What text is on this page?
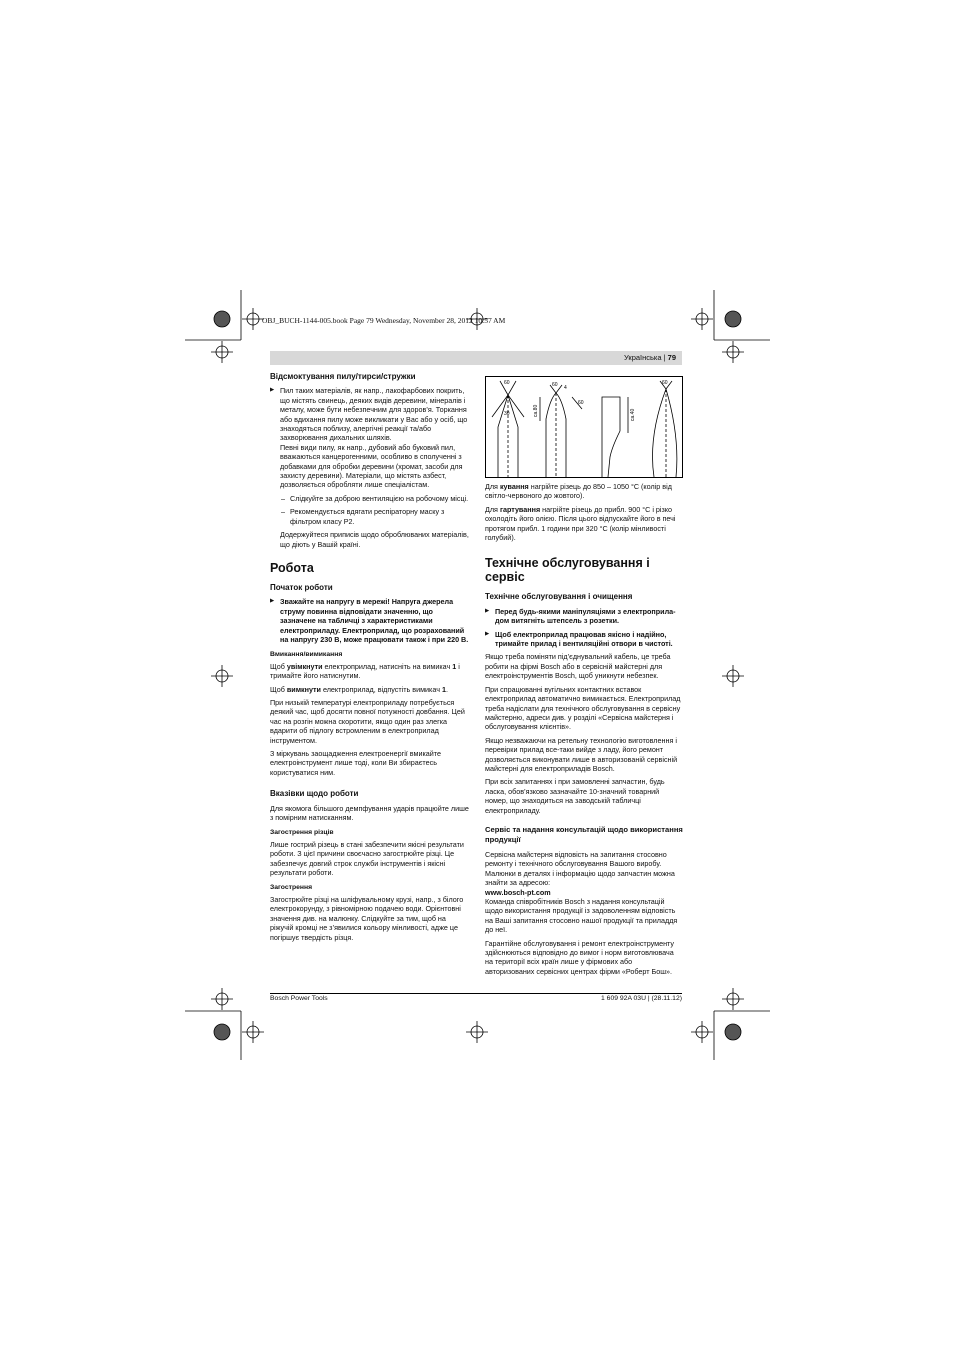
OBJ_BUCH-1144-005.book Page 79 Wednesday, November 28, 2012 10:57 AM
Українська | 79
Відсмоктування пилу/тирси/стружки

▶ Пил таких матеріалів, як напр., лакофарбових покрить, що містять свинець, деяких видів деревини, мінералів і металу, може бути небезпечним для здоров’я. Торкання або вдихання пилу може викликати у Вас або у осіб, що знаходяться поблизу, алергічні реакції та/або захворювання дихальних шляхів.

Певні види пилу, як напр., дубовий або буковий пил, вважаються канцерогенними, особливо в сполученні з добавками для обробки деревини (хромат, засоби для захисту деревини). Матеріали, що містять азбест, дозволяється обробляти лише спеціалістам.

– Слідкуйте за доброю вентиляцією на робочому місці.

– Рекомендується вдягати респіраторну маску з фільтром класу P2.

Додержуйтеся приписів щодо оброблюваних матеріалів, що діють у Вашій країні.

Робота
Початок роботи

▶ Зважайте на напругу в мережі! Напруга джерела струму повинна відповідати значенню, що зазначене на табличці з характеристиками електроприладу. Електроприлад, що розрахований на напругу 230 В, може працювати також і при 220 В.

Вмикання/вимикання

Щоб увімкнути електроприлад, натисніть на вимикач 1 і тримайте його натиснутим.

Щоб вимкнути електроприлад, відпустіть вимикач 1.

При низькій температурі електроприладу потребується деякий час, щоб досягти повної потужності довбання. Цей час на розгін можна скоротити, якщо один раз злегка вдарити об підлогу встромленим в електроприлад інструментом.

З міркувань заощадження електроенергії вмикайте електроінструмент лише тоді, коли Ви збираєтесь користуватися ним.

Вказівки щодо роботи

Для якомога більшого демпфування ударів працюйте лише з помірним натисканням.

Загострення різців

Лише гострий різець в стані забезпечити якісні результати роботи. З цієї причини своєчасно загострюйте різці. Це забезпечує довгий строк служби інструментів і якісні результати роботи.

Загострення

Загострюйте різці на шліфувальному крузі, напр., з білого електрокорунду, з рівномірною подачею води. Орієнтовні значення див. на малюнку. Слідкуйте за тим, щоб на ріжучій кромці не з’явилися кольору мінливості, адже це погіршує твердість різця.

60
30
60
ca.80
4
60
ca.40
60

Для кування нагрійте різець до 850 – 1050 °C (колір від світло-червоного до жовтого).

Для гартування нагрійте різець до прибл. 900 °C і різко охолодіть його олією. Після цього відпускайте його в печі протягом прибл. 1 години при 320 °C (колір мінливості голубий).

Технічне обслуговування і сервіс
Технічне обслуговування і очищення

▶ Перед будь-якими маніпуляціями з електроприла- дом витягніть штепсель з розетки.

▶ Щоб електроприлад працював якісно і надійно, тримайте прилад і вентиляційні отвори в чистоті.

Якщо треба поміняти під’єднувальний кабель, це треба робити на фірмі Bosch або в сервісній майстерні для електроінструментів Bosch, щоб уникнути небезпек.

При спрацюванні вугільних контактних вставок електроприлад автоматично вимикається. Електроприлад треба надіслати для технічного обслуговування в сервісну майстерню, адреси див. у розділі «Сервісна майстерня і обслуговування клієнтів».

Якщо незважаючи на ретельну технологію виготовлення і перевірки прилад все-таки вийде з ладу, його ремонт дозволяється виконувати лише в авторизованій сервісній майстерні для електроприладів Bosch.

При всіх запитаннях і при замовленні запчастин, будь ласка, обов’язково зазначайте 10-значний товарний номер, що знаходиться на заводській табличці електроприладу.

Сервіс та надання консультацій щодо використання продукції

Сервісна майстерня відповість на запитання стосовно ремонту і технічного обслуговування Вашого виробу. Малюнки в деталях і інформацію щодо запчастин можна знайти за адресою:
www.bosch-pt.com

Команда співробітників Bosch з надання консультацій щодо використання продукції із задоволенням відповість на Ваші запитання стосовно нашої продукції та приладдя до неї.

Гарантійне обслуговування і ремонт електроінструменту здійснюються відповідно до вимог і норм виготовлювача на території всіх країн лише у фірмових або авторизованих сервісних центрах фірми «Роберт Бош».

Bosch Power Tools	1 609 92A 03U | (28.11.12)
